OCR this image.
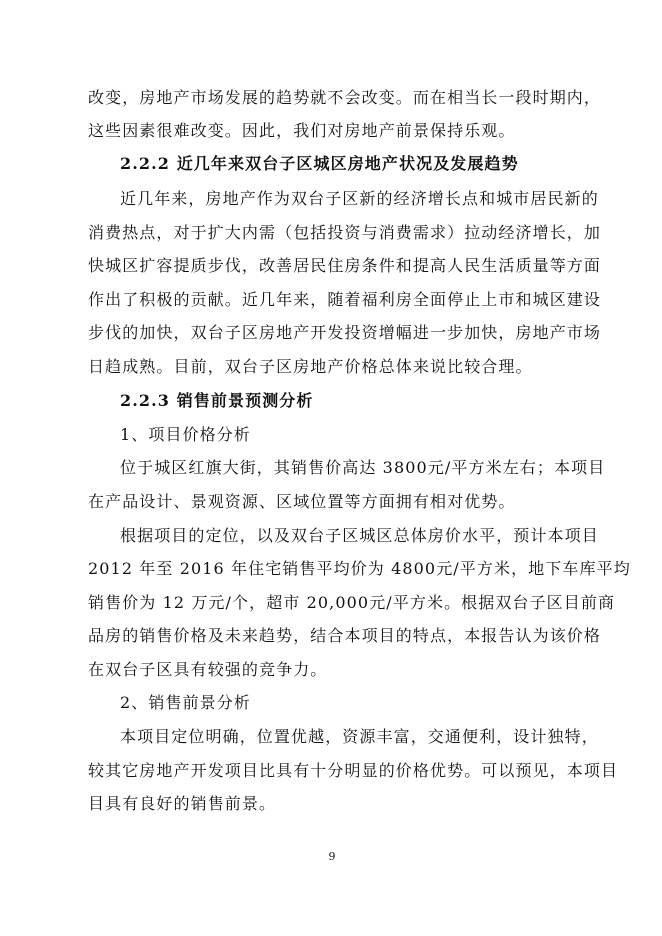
改变，房地产市场发展的趋势就不会改变。而在相当长一段时期内，
这些因素很难改变。因此，我们对房地产前景保持乐观。
2.2.2 近几年来双台子区城区房地产状况及发展趋势
近几年来，房地产作为双台子区新的经济增长点和城市居民新的
消费热点，对于扩大内需（包括投资与消费需求）拉动经济增长，加
快城区扩容提质步伐，改善居民住房条件和提高人民生活质量等方面
作出了积极的贡献。近几年来，随着福利房全面停止上市和城区建设
步伐的加快，双台子区房地产开发投资增幅进一步加快，房地产市场
日趋成熟。目前，双台子区房地产价格总体来说比较合理。
2.2.3 销售前景预测分析
1、项目价格分析
位于城区红旗大街，其销售价高达 3800元/平方米左右；本项目
在产品设计、景观资源、区域位置等方面拥有相对优势。
根据项目的定位，以及双台子区城区总体房价水平，预计本项目
2012 年至 2016 年住宅销售平均价为 4800元/平方米，地下车库平均
销售价为 12 万元/个，超市 20,000元/平方米。根据双台子区目前商
品房的销售价格及未来趋势，结合本项目的特点，本报告认为该价格
在双台子区具有较强的竞争力。
2、销售前景分析
本项目定位明确，位置优越，资源丰富，交通便利，设计独特，
较其它房地产开发项目比具有十分明显的价格优势。可以预见，本项目
目具有良好的销售前景。
9
